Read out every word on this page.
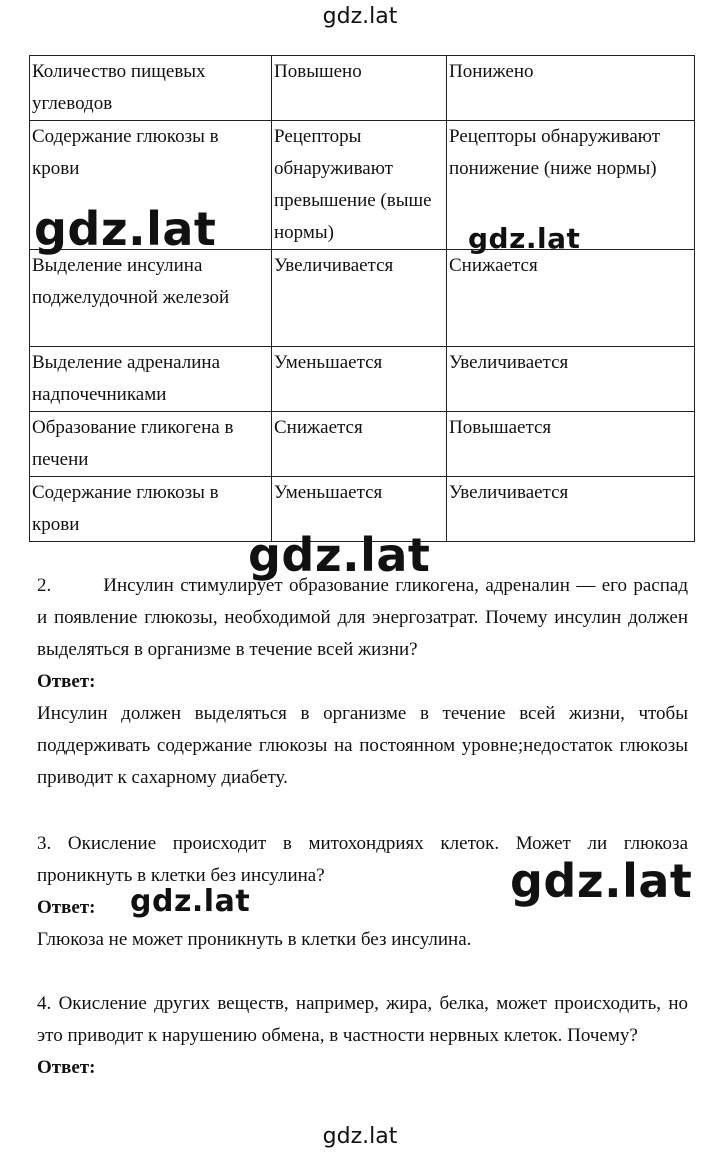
gdz.lat
Количество пищевых углеводов	Повышено	Понижено
Содержание глюкозы в крови	Рецепторы обнаруживают превышение (выше нормы)	Рецепторы обнаруживают понижение (ниже нормы)
Выделение инсулина поджелудочной железой	Увеличивается	Снижается
Выделение адреналина надпочечниками	Уменьшается	Увеличивается
Образование гликогена в печени	Снижается	Повышается
Содержание глюкозы в крови	Уменьшается	Увеличивается

2.	Инсулин стимулирует образование гликогена, адреналин — его распад и появление глюкозы, необходимой для энергозатрат. Почему инсулин должен выделяться в организме в течение всей жизни?

Ответ:

Инсулин должен выделяться в организме в течение всей жизни, чтобы поддерживать содержание глюкозы на постоянном уровне;недостаток глюкозы приводит к сахарному диабету.

3. Окисление происходит в митохондриях клеток. Может ли глюкоза проникнуть в клетки без инсулина?

Ответ:

Глюкоза не может проникнуть в клетки без инсулина.

4. Окисление других веществ, например, жира, белка, может происходить, но это приводит к нарушению обмена, в частности нервных клеток. Почему?

Ответ:

gdz.lat	gdz.lat
gdz.lat
gdz.lat
gdz.lat
gdz.lat
